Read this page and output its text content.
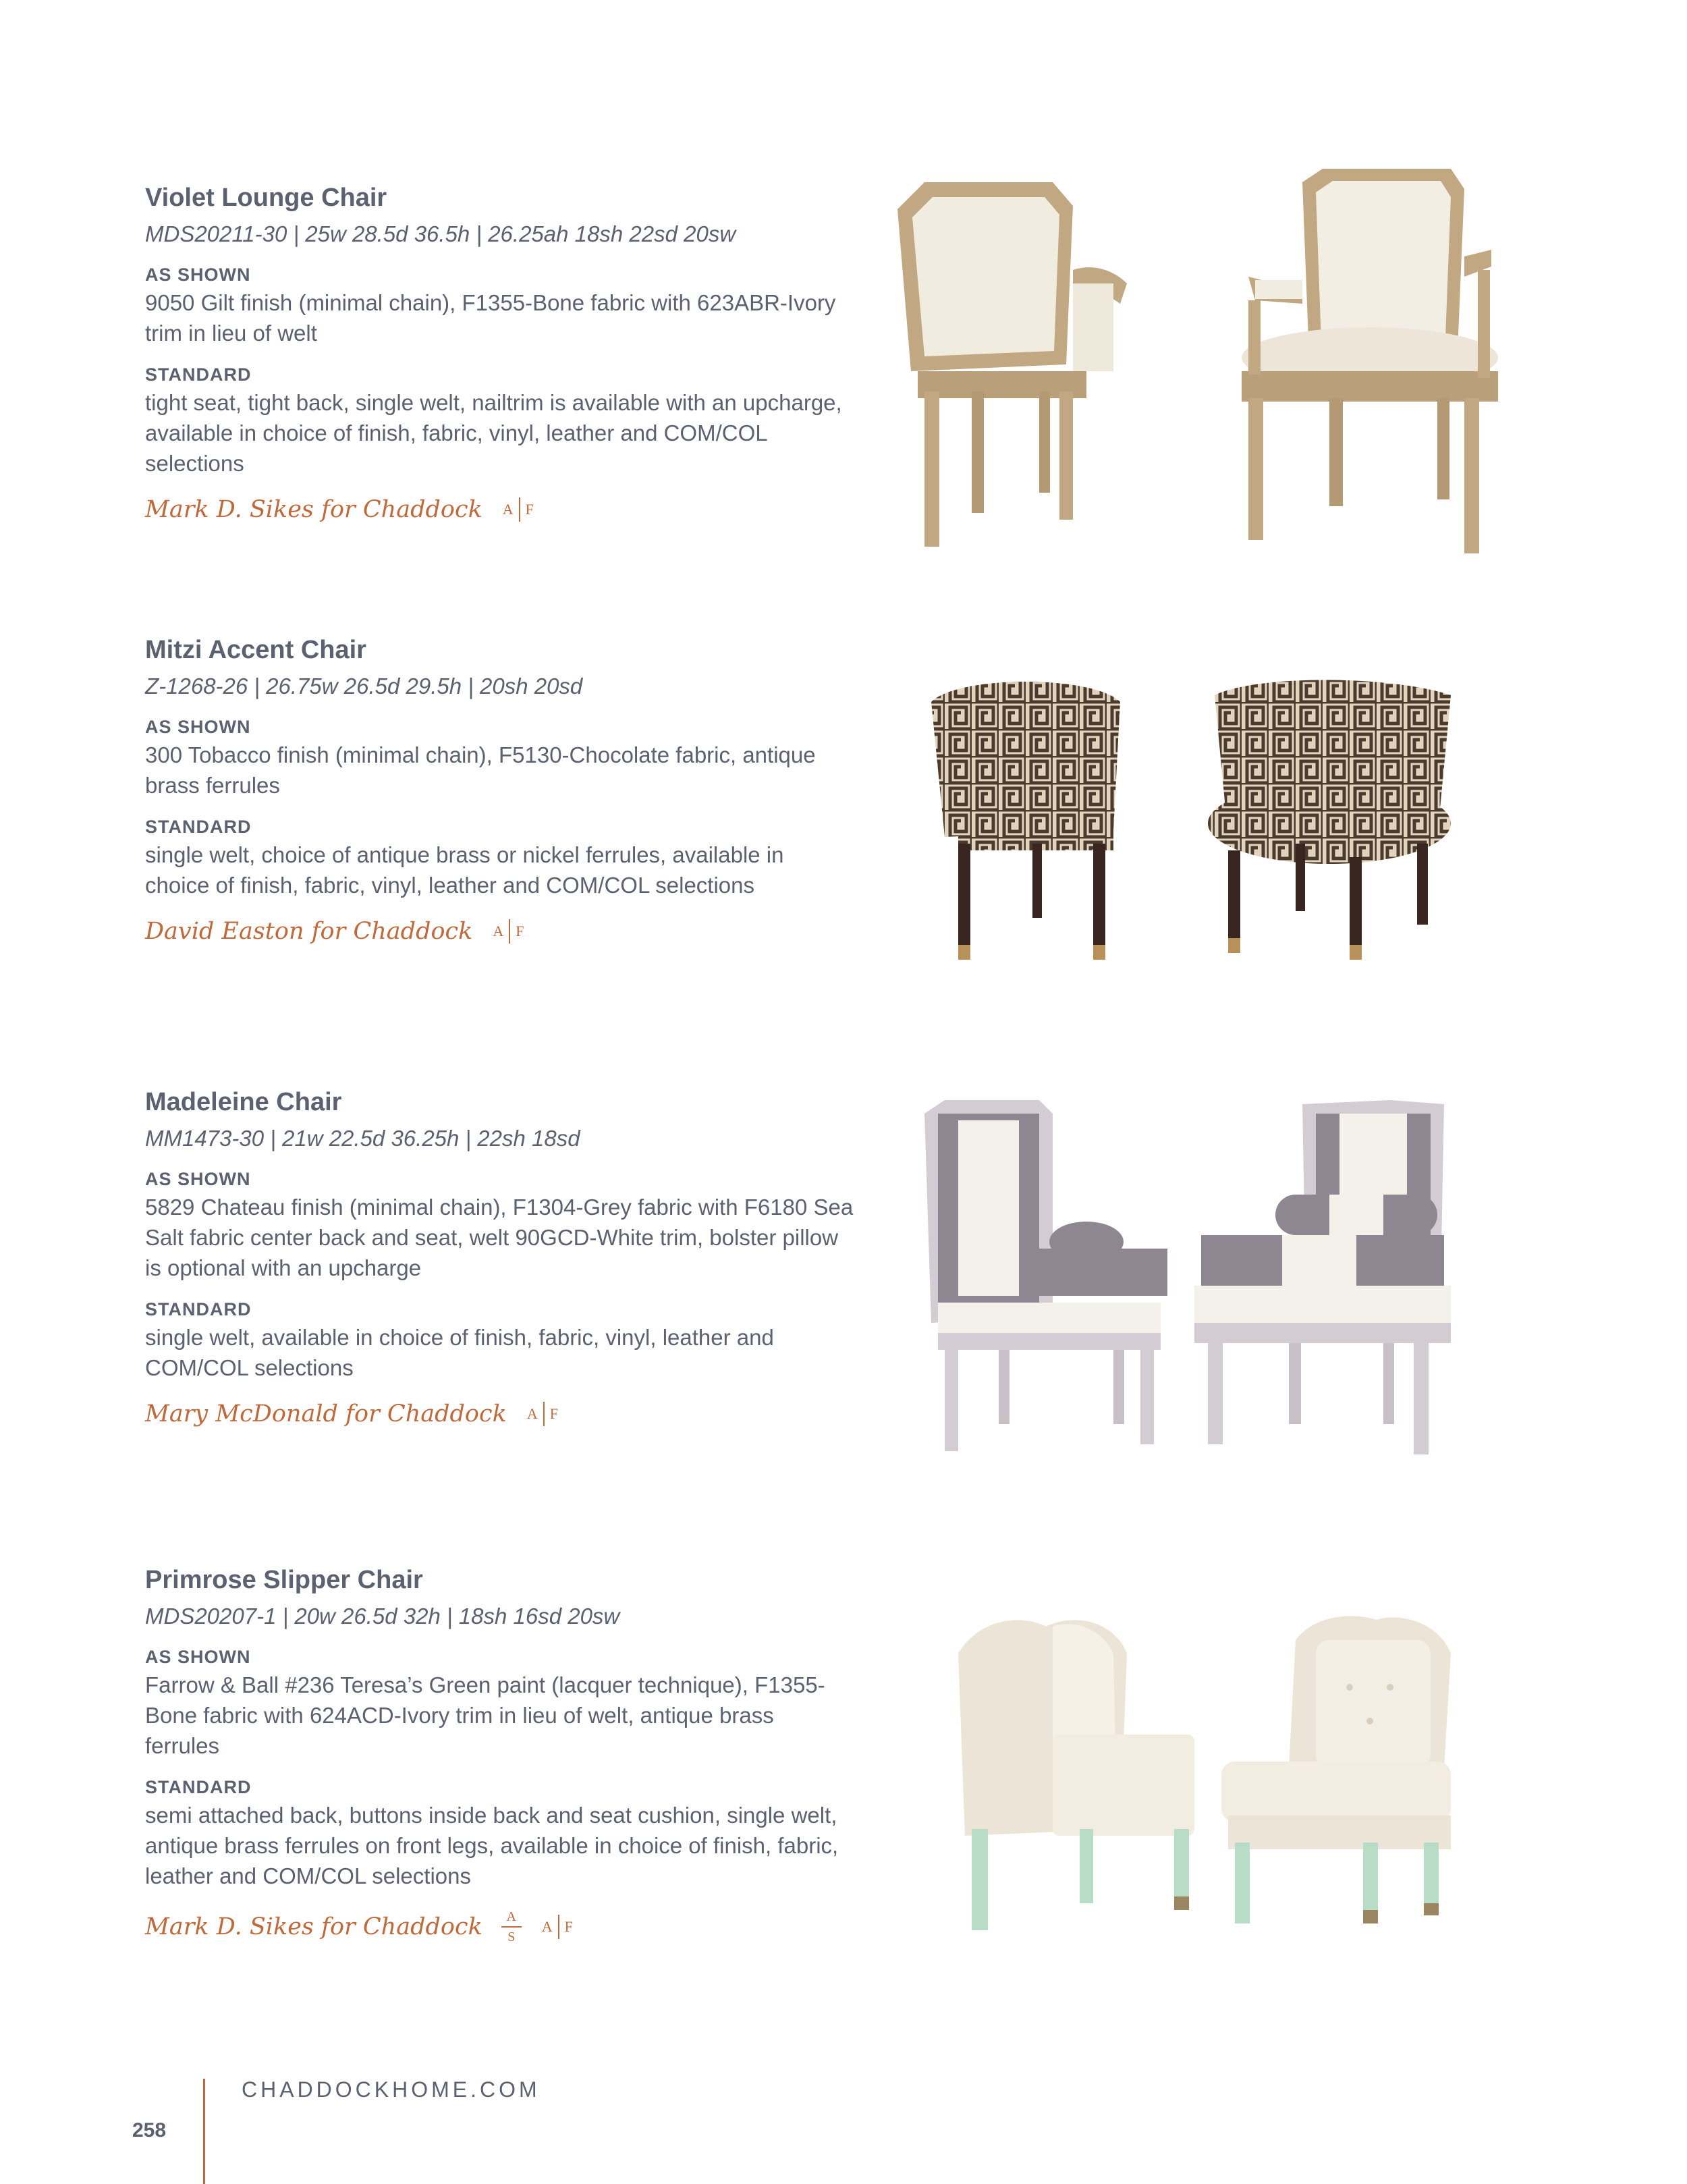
Violet Lounge Chair
MDS20211-30 | 25w 28.5d 36.5h | 26.25ah 18sh 22sd 20sw
AS SHOWN
9050 Gilt finish (minimal chain), F1355-Bone fabric with 623ABR-Ivory trim in lieu of welt
STANDARD
tight seat, tight back, single welt, nailtrim is available with an upcharge, available in choice of finish, fabric, vinyl, leather and COM/COL selections
Mark D. Sikes for Chaddock A F
Mitzi Accent Chair
Z-1268-26 | 26.75w 26.5d 29.5h | 20sh 20sd
AS SHOWN
300 Tobacco finish (minimal chain), F5130-Chocolate fabric, antique brass ferrules
STANDARD
single welt, choice of antique brass or nickel ferrules, available in choice of finish, fabric, vinyl, leather and COM/COL selections
David Easton for Chaddock A F
Madeleine Chair
MM1473-30 | 21w 22.5d 36.25h | 22sh 18sd
AS SHOWN
5829 Chateau finish (minimal chain), F1304-Grey fabric with F6180 Sea Salt fabric center back and seat, welt 90GCD-White trim, bolster pillow is optional with an upcharge
STANDARD
single welt, available in choice of finish, fabric, vinyl, leather and COM/COL selections
Mary McDonald for Chaddock A F
Primrose Slipper Chair
MDS20207-1 | 20w 26.5d 32h | 18sh 16sd 20sw
AS SHOWN
Farrow & Ball #236 Teresa’s Green paint (lacquer technique), F1355-Bone fabric with 624ACD-Ivory trim in lieu of welt, antique brass ferrules
STANDARD
semi attached back, buttons inside back and seat cushion, single welt, antique brass ferrules on front legs, available in choice of finish, fabric, leather and COM/COL selections
Mark D. Sikes for Chaddock A
S
A F
CHADDOCKHOME.COM
258
